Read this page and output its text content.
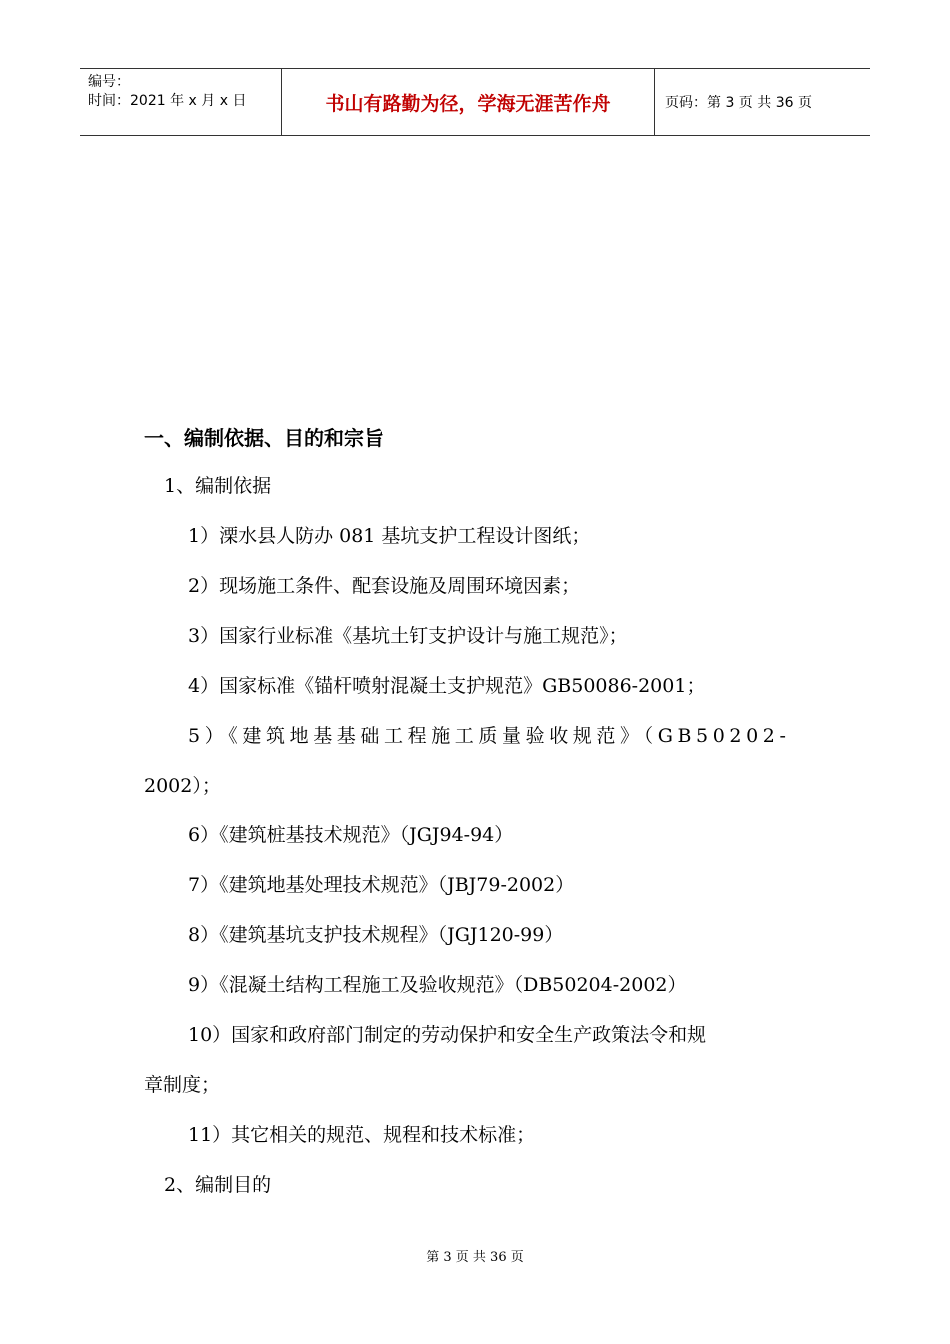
编号：
时间：2021 年 x 月 x 日	书山有路勤为径，学海无涯苦作舟	页码：第 3 页 共 36 页
一、编制依据、目的和宗旨
1、编制依据
1）溧水县人防办 081 基坑支护工程设计图纸；
2）现场施工条件、配套设施及周围环境因素；
3）国家行业标准《基坑土钉支护设计与施工规范》；
4）国家标准《锚杆喷射混凝土支护规范》GB50086-2001；
5）《建筑地基基础工程施工质量验收规范》（GB50202-
2002）；
6）《建筑桩基技术规范》（JGJ94-94）
7）《建筑地基处理技术规范》（JBJ79-2002）
8）《建筑基坑支护技术规程》（JGJ120-99）
9）《混凝土结构工程施工及验收规范》（DB50204-2002）
10）国家和政府部门制定的劳动保护和安全生产政策法令和规
章制度；
11）其它相关的规范、规程和技术标准；
2、编制目的
第 3 页 共 36 页
